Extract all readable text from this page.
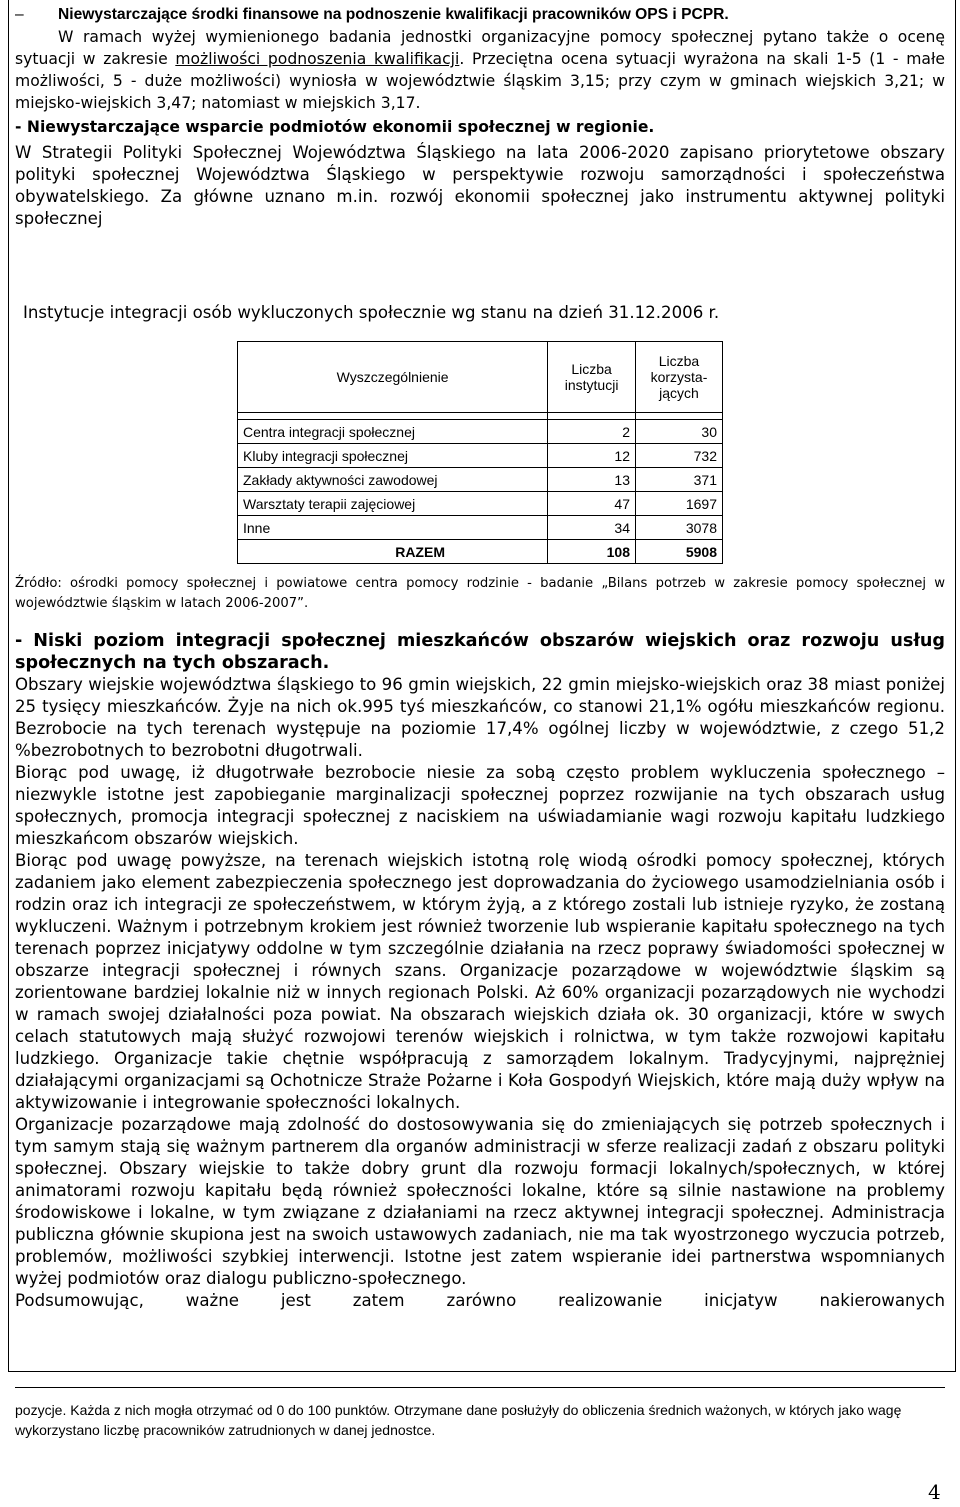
– Niewystarczające środki finansowe na podnoszenie kwalifikacji pracowników OPS i PCPR.

W ramach wyżej wymienionego badania jednostki organizacyjne pomocy społecznej pytano także o ocenę sytuacji w zakresie możliwości podnoszenia kwalifikacji. Przeciętna ocena sytuacji wyrażona na skali 1-5 (1 - małe możliwości, 5 - duże możliwości) wyniosła w województwie śląskim 3,15; przy czym w gminach wiejskich 3,21; w miejsko-wiejskich 3,47; natomiast w miejskich 3,17.

- Niewystarczające wsparcie podmiotów ekonomii społecznej w regionie.

W Strategii Polityki Społecznej Województwa Śląskiego na lata 2006-2020 zapisano priorytetowe obszary polityki społecznej Województwa Śląskiego w perspektywie rozwoju samorządności i społeczeństwa obywatelskiego. Za główne uznano m.in. rozwój ekonomii społecznej jako instrumentu aktywnej polityki społecznej

Instytucje integracji osób wykluczonych społecznie wg stanu na dzień 31.12.2006 r.

Wyszczególnienie	Liczba instytucji	Liczba korzysta-jących

Centra integracji społecznej	2	30
Kluby integracji społecznej	12	732
Zakłady aktywności zawodowej	13	371
Warsztaty terapii zajęciowej	47	1697
Inne	34	3078
RAZEM	108	5908

Źródło: ośrodki pomocy społecznej i powiatowe centra pomocy rodzinie - badanie „Bilans potrzeb w zakresie pomocy społecznej w województwie śląskim w latach 2006-2007”.

- Niski poziom integracji społecznej mieszkańców obszarów wiejskich oraz rozwoju usług społecznych na tych obszarach.

Obszary wiejskie województwa śląskiego to 96 gmin wiejskich, 22 gmin miejsko-wiejskich oraz 38 miast poniżej 25 tysięcy mieszkańców. Żyje na nich ok.995 tyś mieszkańców, co stanowi 21,1% ogółu mieszkańców regionu. Bezrobocie na tych terenach występuje na poziomie 17,4% ogólnej liczby w województwie, z czego 51,2 %bezrobotnych to bezrobotni długotrwali.

Biorąc pod uwagę, iż długotrwałe bezrobocie niesie za sobą często problem wykluczenia społecznego – niezwykle istotne jest zapobieganie marginalizacji społecznej poprzez rozwijanie na tych obszarach usług społecznych, promocja integracji społecznej z naciskiem na uświadamianie wagi rozwoju kapitału ludzkiego mieszkańcom obszarów wiejskich.

Biorąc pod uwagę powyższe, na terenach wiejskich istotną rolę wiodą ośrodki pomocy społecznej, których zadaniem jako element zabezpieczenia społecznego jest doprowadzania do życiowego usamodzielniania osób i rodzin oraz ich integracji ze społeczeństwem, w którym żyją, a z którego zostali lub istnieje ryzyko, że zostaną wykluczeni. Ważnym i potrzebnym krokiem jest również tworzenie lub wspieranie kapitału społecznego na tych terenach poprzez inicjatywy oddolne w tym szczególnie działania na rzecz poprawy świadomości społecznej w obszarze integracji społecznej i równych szans. Organizacje pozarządowe w województwie śląskim są zorientowane bardziej lokalnie niż w innych regionach Polski. Aż 60% organizacji pozarządowych nie wychodzi w ramach swojej działalności poza powiat. Na obszarach wiejskich działa ok. 30 organizacji, które w swych celach statutowych mają służyć rozwojowi terenów wiejskich i rolnictwa, w tym także rozwojowi kapitału ludzkiego. Organizacje takie chętnie współpracują z samorządem lokalnym. Tradycyjnymi, najprężniej działającymi organizacjami są Ochotnicze Straże Pożarne i Koła Gospodyń Wiejskich, które mają duży wpływ na aktywizowanie i integrowanie społeczności lokalnych.

Organizacje pozarządowe mają zdolność do dostosowywania się do zmieniających się potrzeb społecznych i tym samym stają się ważnym partnerem dla organów administracji w sferze realizacji zadań z obszaru polityki społecznej. Obszary wiejskie to także dobry grunt dla rozwoju formacji lokalnych/społecznych, w której animatorami rozwoju kapitału będą również społeczności lokalne, które są silnie nastawione na problemy środowiskowe i lokalne, w tym związane z działaniami na rzecz aktywnej integracji społecznej. Administracja publiczna głównie skupiona jest na swoich ustawowych zadaniach, nie ma tak wyostrzonego wyczucia potrzeb, problemów, możliwości szybkiej interwencji. Istotne jest zatem wspieranie idei partnerstwa wspomnianych wyżej podmiotów oraz dialogu publiczno-społecznego.

Podsumowując, ważne jest zatem zarówno realizowanie inicjatyw nakierowanych

pozycje. Każda z nich mogła otrzymać od 0 do 100 punktów. Otrzymane dane posłużyły do obliczenia średnich ważonych, w których jako wagę wykorzystano liczbę pracowników zatrudnionych w danej jednostce.

4
